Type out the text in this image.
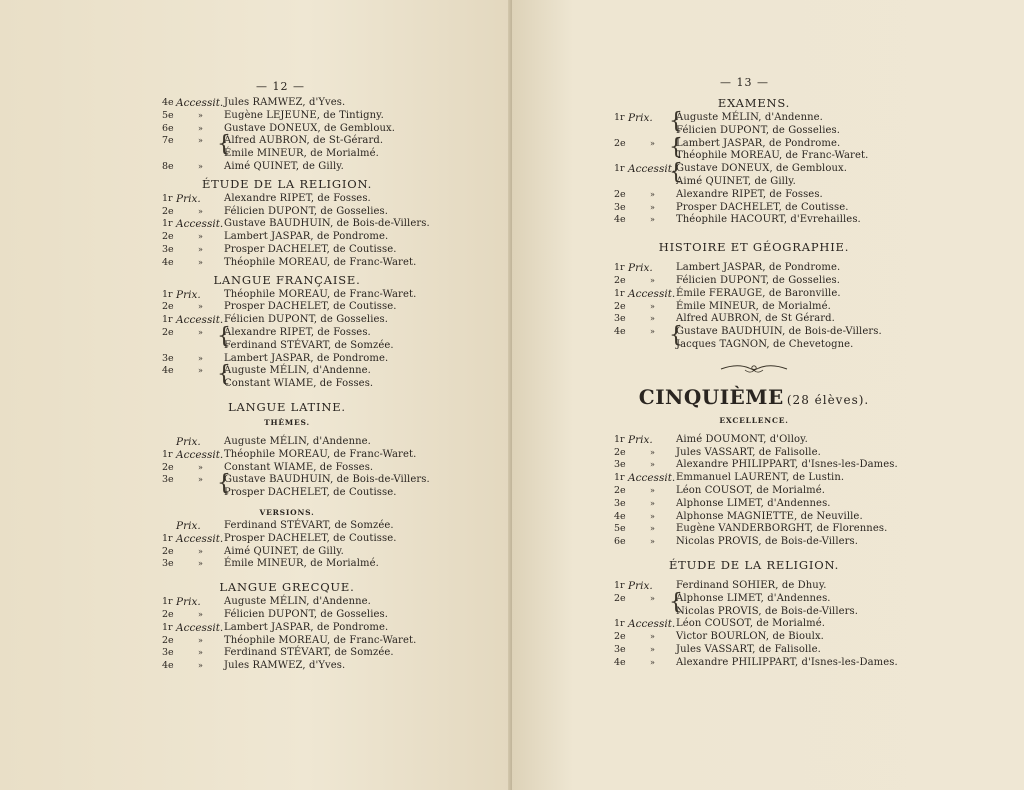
— 12 —
4e Accessit. Jules RAMWEZ, d'Yves.
5e	» Eugène LEJEUNE, de Tintigny.
6e	» Gustave DONEUX, de Gembloux.
7e	» {
Alfred AUBRON, de St-Gérard.
Émile MINEUR, de Morialmé.
8e	» Aimé QUINET, de Gilly.
ÉTUDE DE LA RELIGION.
1r Prix.	Alexandre RIPET, de Fosses.
2e	» Félicien DUPONT, de Gosselies.
1r Accessit. Gustave BAUDHUIN, de Bois-de-Villers.
2e	» Lambert JASPAR, de Pondrome.
3e	» Prosper DACHELET, de Coutisse.
4e	» Théophile MOREAU, de Franc-Waret.
LANGUE FRANÇAISE.
1r Prix.	Théophile MOREAU, de Franc-Waret.
2e	» Prosper DACHELET, de Coutisse.
1r Accessit. Félicien DUPONT, de Gosselies.
2e	» {
Alexandre RIPET, de Fosses.
Ferdinand STÉVART, de Somzée.
3e	» Lambert JASPAR, de Pondrome.
4e	» {
Auguste MÉLIN, d'Andenne.
Constant WIAME, de Fosses.
LANGUE LATINE.
THÈMES.
Prix.	Auguste MÉLIN, d'Andenne.
1r Accessit. Théophile MOREAU, de Franc-Waret.
2e	» Constant WIAME, de Fosses.
3e	» {
Gustave BAUDHUIN, de Bois-de-Villers.
Prosper DACHELET, de Coutisse.
VERSIONS.
Prix.	Ferdinand STÉVART, de Somzée.
1r Accessit. Prosper DACHELET, de Coutisse.
2e	» Aimé QUINET, de Gilly.
3e	» Émile MINEUR, de Morialmé.
LANGUE GRECQUE.
1r Prix.	Auguste MÉLIN, d'Andenne.
2e	» Félicien DUPONT, de Gosselies.
1r Accessit. Lambert JASPAR, de Pondrome.
2e	» Théophile MOREAU, de Franc-Waret.
3e	» Ferdinand STÉVART, de Somzée.
4e	» Jules RAMWEZ, d'Yves.
— 13 —
EXAMENS.
1r Prix. {
Auguste MÉLIN, d'Andenne.
Félicien DUPONT, de Gosselies.
2e	» {
Lambert JASPAR, de Pondrome.
Théophile MOREAU, de Franc-Waret.
1r Accessit.
{
Gustave DONEUX, de Gembloux.
Aimé QUINET, de Gilly.
2e	» Alexandre RIPET, de Fosses.
3e	» Prosper DACHELET, de Coutisse.
4e	» Théophile HACOURT, d'Evrehailles.
HISTOIRE ET GÉOGRAPHIE.
1r Prix.	Lambert JASPAR, de Pondrome.
2e	» Félicien DUPONT, de Gosselies.
1r Accessit. Émile FERAUGE, de Baronville.
2e	» Émile MINEUR, de Morialmé.
3e	» Alfred AUBRON, de St Gérard.
4e	» {
Gustave BAUDHUIN, de Bois-de-Villers.
Jacques TAGNON, de Chevetogne.
CINQUIÈME (28 élèves).
EXCELLENCE.
1r Prix.	Aimé DOUMONT, d'Olloy.
2e	» Jules VASSART, de Falisolle.
3e	» Alexandre PHILIPPART, d'Isnes-les-Dames.
1r Accessit. Emmanuel LAURENT, de Lustin.
2e	» Léon COUSOT, de Morialmé.
3e	» Alphonse LIMET, d'Andennes.
4e	» Alphonse MAGNIETTE, de Neuville.
5e	» Eugène VANDERBORGHT, de Florennes.
6e	» Nicolas PROVIS, de Bois-de-Villers.
ÉTUDE DE LA RELIGION.
1r Prix.	Ferdinand SOHIER, de Dhuy.
2e	» {
Alphonse LIMET, d'Andennes.
Nicolas PROVIS, de Bois-de-Villers.
1r Accessit. Léon COUSOT, de Morialmé.
2e	» Victor BOURLON, de Bioulx.
3e	» Jules VASSART, de Falisolle.
4e	» Alexandre PHILIPPART, d'Isnes-les-Dames.
